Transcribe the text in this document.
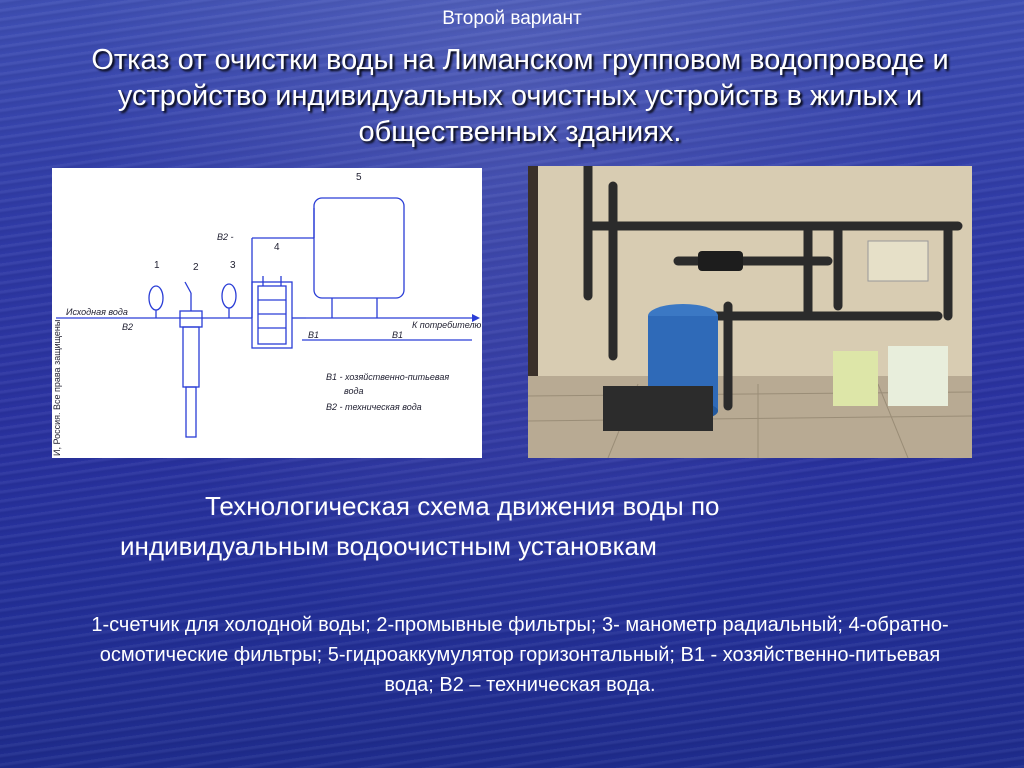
Второй вариант
Отказ от очистки воды на Лиманском групповом водопроводе и устройство индивидуальных очистных устройств в жилых и общественных зданиях.
И, Россия. Все права защищены
Исходная вода
В2
В2 -
В1	В1
К потребителю
1	2	3
4
5
В1 - хозяйственно-питьевая
вода
В2 - техническая вода
Технологическая схема движения воды по индивидуальным водоочистным установкам
1-счетчик для холодной воды; 2-промывные фильтры; 3- манометр радиальный; 4-обратно-осмотические фильтры; 5-гидроаккумулятор горизонтальный; В1 - хозяйственно-питьевая вода; В2 – техническая вода.
